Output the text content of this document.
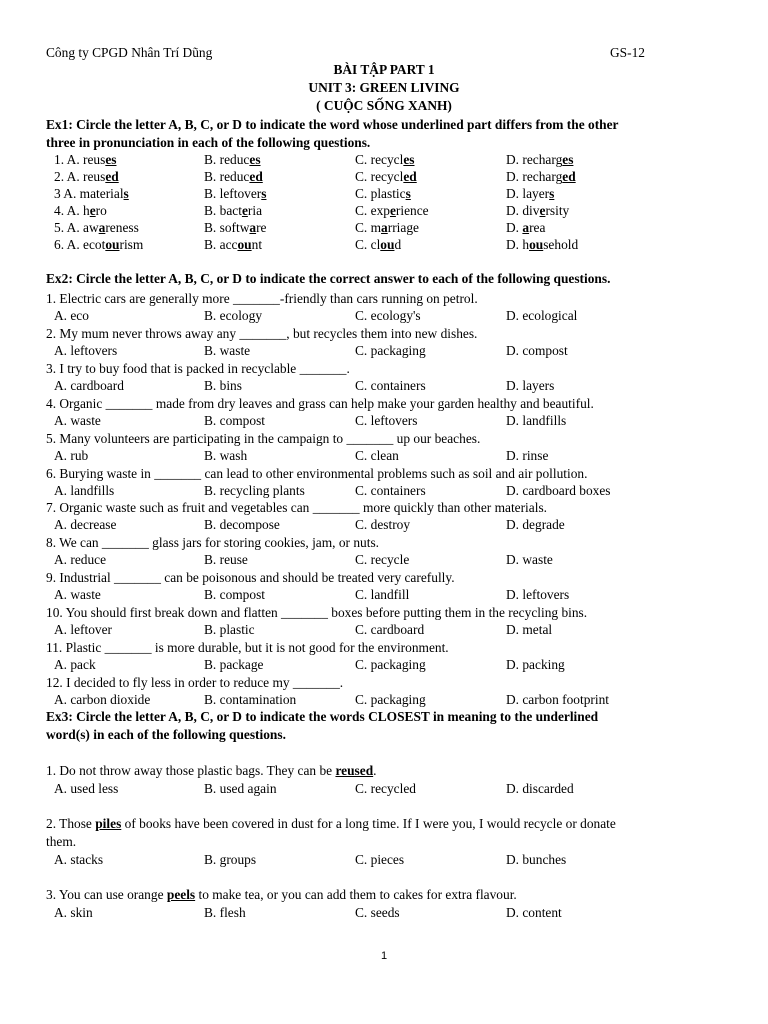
Công ty CPGD Nhân Trí Dũng	GS-12
BÀI TẬP PART 1
UNIT 3: GREEN LIVING
( CUỘC SỐNG XANH)
Ex1: Circle the letter A, B, C, or D to indicate the word whose underlined part differs from the other
three in pronunciation in each of the following questions.
1. A. reuses	B. reduces	C. recycles	D. recharges
2. A. reused	B. reduced	C. recycled	D. recharged
3 A. materials	B. leftovers	C. plastics	D. layers
4. A. hero	B. bacteria	C. experience	D. diversity
5. A. awareness	B. software	C. marriage	D. area
6. A. ecotourism	B. account	C. cloud	D. household
Ex2: Circle the letter A, B, C, or D to indicate the correct answer to each of the following questions.
1. Electric cars are generally more _______-friendly than cars running on petrol.
A. eco	B. ecology	C. ecology's	D. ecological
2. My mum never throws away any _______, but recycles them into new dishes.
A. leftovers	B. waste	C. packaging	D. compost
3. I try to buy food that is packed in recyclable _______.
A. cardboard	B. bins	C. containers	D. layers
4. Organic _______ made from dry leaves and grass can help make your garden healthy and beautiful.
A. waste	B. compost	C. leftovers	D. landfills
5. Many volunteers are participating in the campaign to _______ up our beaches.
A. rub	B. wash	C. clean	D. rinse
6. Burying waste in _______ can lead to other environmental problems such as soil and air pollution.
A. landfills	B. recycling plants	C. containers	D. cardboard boxes
7. Organic waste such as fruit and vegetables can _______ more quickly than other materials.
A. decrease	B. decompose	C. destroy	D. degrade
8. We can _______ glass jars for storing cookies, jam, or nuts.
A. reduce	B. reuse	C. recycle	D. waste
9. Industrial _______ can be poisonous and should be treated very carefully.
A. waste	B. compost	C. landfill	D. leftovers
10. You should first break down and flatten _______ boxes before putting them in the recycling bins.
A. leftover	B. plastic	C. cardboard	D. metal
11. Plastic _______ is more durable, but it is not good for the environment.
A. pack	B. package	C. packaging	D. packing
12. I decided to fly less in order to reduce my _______.
A. carbon dioxide	B. contamination	C. packaging	D. carbon footprint
Ex3: Circle the letter A, B, C, or D to indicate the words CLOSEST in meaning to the underlined
word(s) in each of the following questions.
1. Do not throw away those plastic bags. They can be reused.
A. used less	B. used again	C. recycled	D. discarded
2. Those piles of books have been covered in dust for a long time. If I were you, I would recycle or donate
them.
A. stacks	B. groups	C. pieces	D. bunches
3. You can use orange peels to make tea, or you can add them to cakes for extra flavour.
A. skin	B. flesh	C. seeds	D. content
1
